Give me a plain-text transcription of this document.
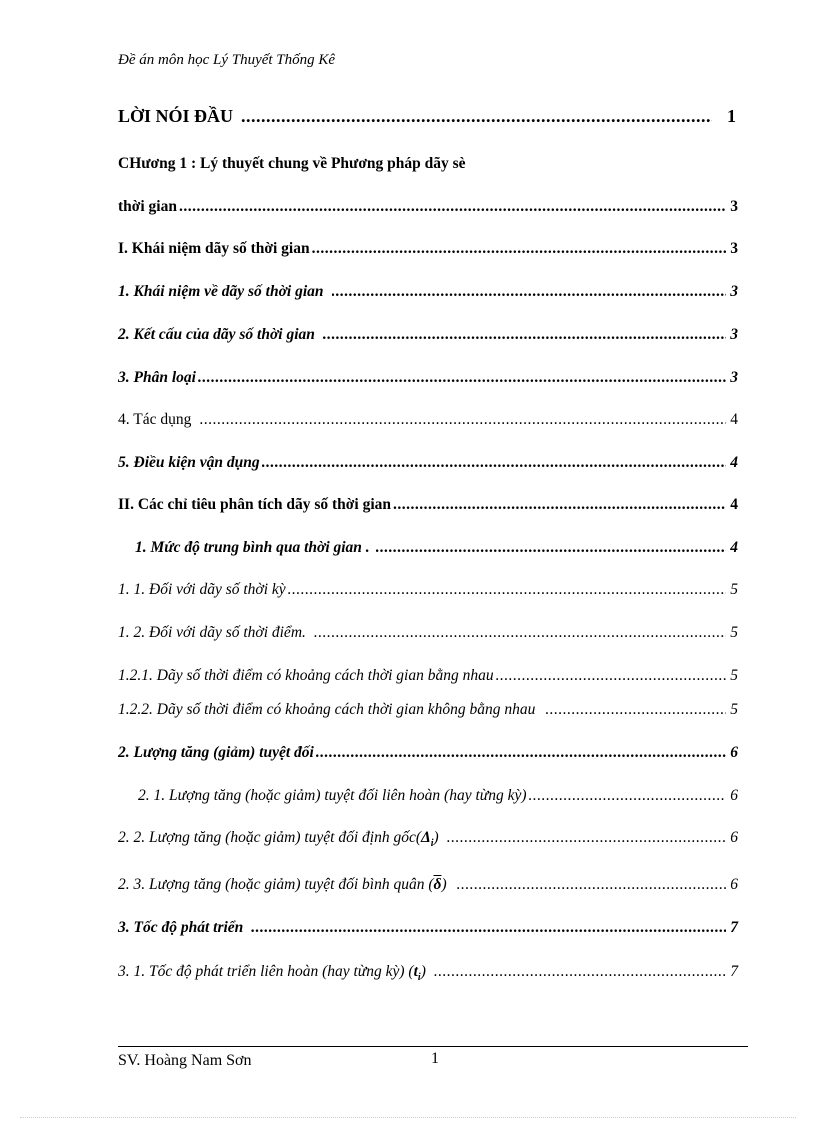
Đề án môn học Lý Thuyết Thống Kê
LỜI NÓI ĐẦU .....	1
CHương 1 : Lý thuyết chung về Phương pháp dãy sè
thời gian .....	3
I. Khái niệm dãy số thời gian .....	3
1. Khái niệm về dãy số thời gian .....	3
2. Kết cấu của dãy số thời gian .....	3
3. Phân loại .....	3
4. Tác dụng .....	4
5. Điều kiện vận dụng .....	4
II. Các chỉ tiêu phân tích dãy số thời gian .....	4
1. Mức độ trung bình qua thời gian . .....	4
1. 1. Đối với dãy số thời kỳ .....	5
1. 2. Đối với dãy số thời điểm. .....	5
1.2.1. Dãy số thời điểm có khoảng cách thời gian bằng nhau .....	5
1.2.2. Dãy số thời điểm có khoảng cách thời gian không bằng nhau .....	5
2. Lượng tăng (giảm) tuyệt đối .....	6
2. 1. Lượng tăng (hoặc giảm) tuyệt đối liên hoàn (hay từng kỳ) .....	6
2. 2. Lượng tăng (hoặc giảm) tuyệt đối định $gốc(\Delta_i)$ .....	6
2. 3. Lượng tăng (hoặc giảm) tuyệt đối bình quân $(\overline{\delta})$ .....	6
3. Tốc độ phát triển .....	7
3. 1. Tốc độ phát triển liên hoàn (hay từng kỳ) $(t_i)$ .....	7
SV. Hoàng Nam Sơn	1
